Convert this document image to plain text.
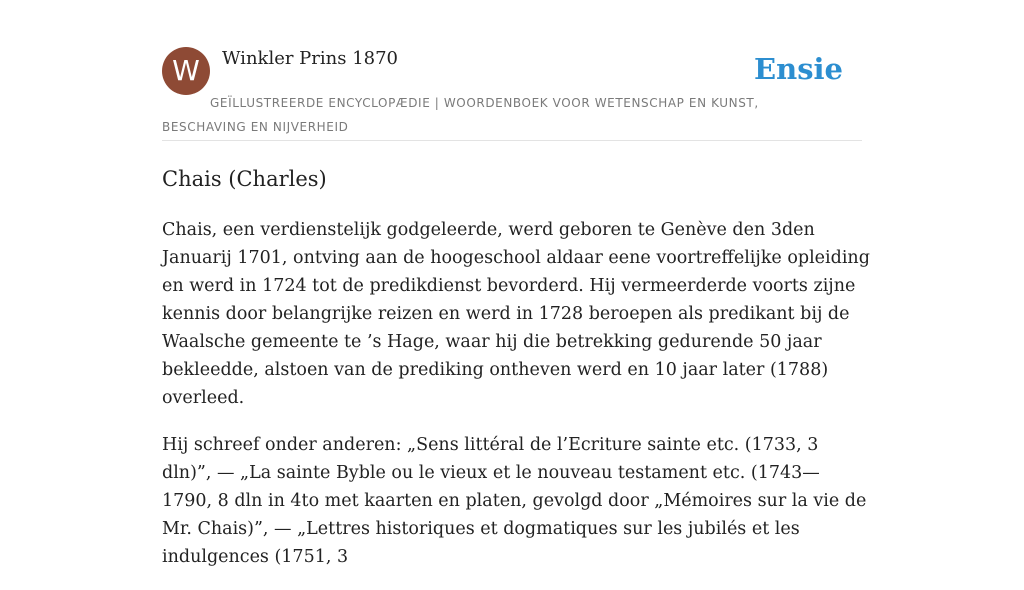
W	Winkler Prins 1870	Ensie
GEÏLLUSTREERDE ENCYCLOPÆDIE | WOORDENBOEK VOOR WETENSCHAP EN KUNST, BESCHAVING EN NIJVERHEID
Chais (Charles)

Chais, een verdienstelijk godgeleerde, werd geboren te Genève den 3den Januarij 1701, ontving aan de hoogeschool aldaar eene voortreffelijke opleiding en werd in 1724 tot de predikdienst bevorderd. Hij vermeerderde voorts zijne kennis door belangrijke reizen en werd in 1728 beroepen als predikant bij de Waalsche gemeente te ’s Hage, waar hij die betrekking gedurende 50 jaar bekleedde, alstoen van de prediking ontheven werd en 10 jaar later (1788) overleed.

Hij schreef onder anderen: „Sens littéral de l’Ecriture sainte etc. (1733, 3 dln)”, — „La sainte Byble ou le vieux et le nouveau testament etc. (1743— 1790, 8 dln in 4to met kaarten en platen, gevolgd door „Mémoires sur la vie de Mr. Chais)”, — „Lettres historiques et dogmatiques sur les jubilés et les indulgences (1751, 3
